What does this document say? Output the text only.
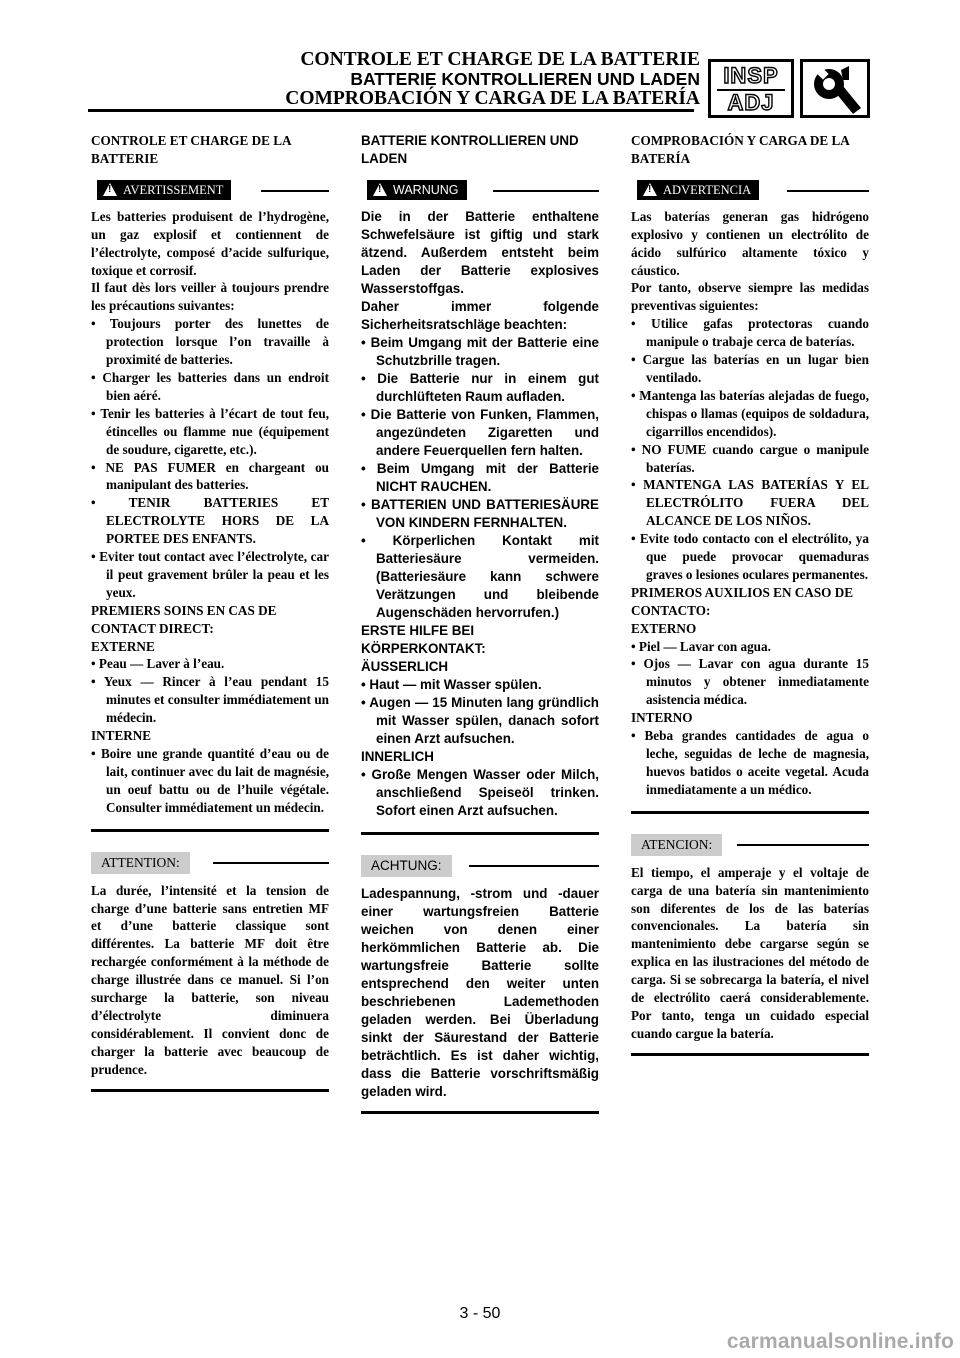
CONTROLE ET CHARGE DE LA BATTERIE
BATTERIE KONTROLLIEREN UND LADEN
COMPROBACIÓN Y CARGA DE LA BATERÍA
INSP
ADJ

CONTROLE ET CHARGE DE LA BATTERIE

!
AVERTISSEMENT

Les batteries produisent de l’hydrogène, un gaz explosif et contiennent de l’électrolyte, composé d’acide sulfurique, toxique et corrosif.

Il faut dès lors veiller à toujours prendre les précautions suivantes:

• Toujours porter des lunettes de protection lorsque l’on travaille à proximité de batteries.

• Charger les batteries dans un endroit bien aéré.

• Tenir les batteries à l’écart de tout feu, étincelles ou flamme nue (équipement de soudure, cigarette, etc.).

• NE PAS FUMER en chargeant ou manipulant des batteries.

• TENIR BATTERIES ET ELECTROLYTE HORS DE LA PORTEE DES ENFANTS.

• Eviter tout contact avec l’électrolyte, car il peut gravement brûler la peau et les yeux.

PREMIERS SOINS EN CAS DE CONTACT DIRECT:

EXTERNE

• Peau — Laver à l’eau.

• Yeux — Rincer à l’eau pendant 15 minutes et consulter immédiatement un médecin.

INTERNE

• Boire une grande quantité d’eau ou de lait, continuer avec du lait de magnésie, un oeuf battu ou de l’huile végétale. Consulter immédiatement un médecin.

ATTENTION:

La durée, l’intensité et la tension de charge d’une batterie sans entretien MF et d’une batterie classique sont différentes. La batterie MF doit être rechargée conformément à la méthode de charge illustrée dans ce manuel. Si l’on surcharge la batterie, son niveau d’électrolyte diminuera considérablement. Il convient donc de charger la batterie avec beaucoup de prudence.

BATTERIE KONTROLLIEREN UND LADEN

!
WARNUNG

Die in der Batterie enthaltene Schwefelsäure ist giftig und stark ätzend. Außerdem entsteht beim Laden der Batterie explosives Wasserstoffgas.

Daher immer folgende Sicherheitsratschläge beachten:

• Beim Umgang mit der Batterie eine Schutzbrille tragen.

• Die Batterie nur in einem gut durchlüfteten Raum aufladen.

• Die Batterie von Funken, Flammen, angezündeten Zigaretten und andere Feuerquellen fern halten.

• Beim Umgang mit der Batterie NICHT RAUCHEN.

• BATTERIEN UND BATTERIESÄURE VON KINDERN FERNHALTEN.

• Körperlichen Kontakt mit Batteriesäure vermeiden. (Batteriesäure kann schwere Verätzungen und bleibende Augenschäden hervorrufen.)

ERSTE HILFE BEI KÖRPERKONTAKT:

ÄUSSERLICH

• Haut — mit Wasser spülen.

• Augen — 15 Minuten lang gründlich mit Wasser spülen, danach sofort einen Arzt aufsuchen.

INNERLICH

• Große Mengen Wasser oder Milch, anschließend Speiseöl trinken. Sofort einen Arzt aufsuchen.

ACHTUNG:

Ladespannung, -strom und -dauer einer wartungsfreien Batterie weichen von denen einer herkömmlichen Batterie ab. Die wartungsfreie Batterie sollte entsprechend den weiter unten beschriebenen Lademethoden geladen werden. Bei Überladung sinkt der Säurestand der Batterie beträchtlich. Es ist daher wichtig, dass die Batterie vorschriftsmäßig geladen wird.

COMPROBACIÓN Y CARGA DE LA BATERÍA

!
ADVERTENCIA

Las baterías generan gas hidrógeno explosivo y contienen un electrólito de ácido sulfúrico altamente tóxico y cáustico.

Por tanto, observe siempre las medidas preventivas siguientes:

• Utilice gafas protectoras cuando manipule o trabaje cerca de baterías.

• Cargue las baterías en un lugar bien ventilado.

• Mantenga las baterías alejadas de fuego, chispas o llamas (equipos de soldadura, cigarrillos encendidos).

• NO FUME cuando cargue o manipule baterías.

• MANTENGA LAS BATERÍAS Y EL ELECTRÓLITO FUERA DEL ALCANCE DE LOS NIÑOS.

• Evite todo contacto con el electrólito, ya que puede provocar quemaduras graves o lesiones oculares permanentes.

PRIMEROS AUXILIOS EN CASO DE CONTACTO:

EXTERNO

• Piel — Lavar con agua.

• Ojos — Lavar con agua durante 15 minutos y obtener inmediatamente asistencia médica.

INTERNO

• Beba grandes cantidades de agua o leche, seguidas de leche de magnesia, huevos batidos o aceite vegetal. Acuda inmediatamente a un médico.

ATENCION:

El tiempo, el amperaje y el voltaje de carga de una batería sin mantenimiento son diferentes de los de las baterías convencionales. La batería sin mantenimiento debe cargarse según se explica en las ilustraciones del método de carga. Si se sobrecarga la batería, el nivel de electrólito caerá considerablemente. Por tanto, tenga un cuidado especial cuando cargue la batería.

3 - 50
carmanualsonline.info
